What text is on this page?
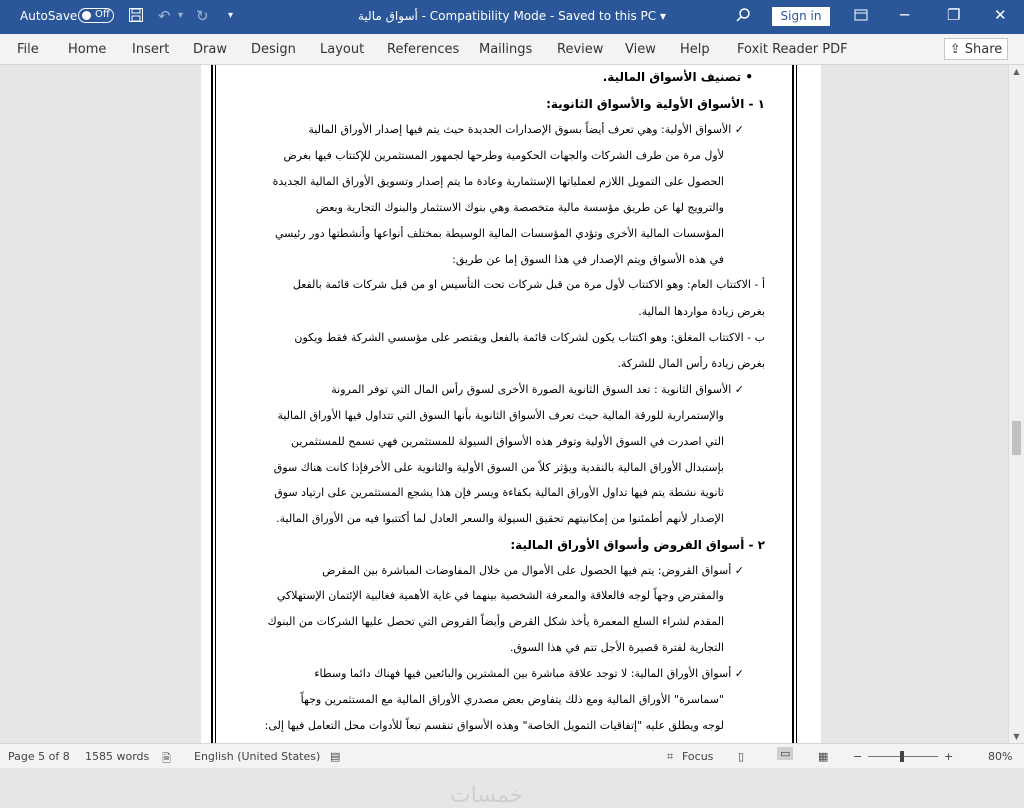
AutoSave Off	↶ ▾ ↻ ▾	أسواق مالية - Compatibility Mode - Saved to this PC ▾	Sign in	─	❐ ✕
File Home Insert Draw Design Layout References Mailings Review View Help Foxit Reader PDF	⇪ Share
• تصنيف الأسواق المالية.
١ - الأسواق الأولية والأسواق الثانوية:
✓ الأسواق الأولية: وهي تعرف أيضاً بسوق الإصدارات الجديدة حيث يتم فيها إصدار الأوراق المالية
لأول مرة من طرف الشركات والجهات الحكومية وطرحها لجمهور المستثمرين للإكتتاب فيها بغرض
الحصول على التمويل اللازم لعملياتها الإستثمارية وعادة ما يتم إصدار وتسويق الأوراق المالية الجديدة
والترويج لها عن طريق مؤسسة مالية متخصصة وهي بنوك الاستثمار والبنوك التجارية وبعض
المؤسسات المالية الأخرى وتؤدي المؤسسات المالية الوسيطة بمختلف أنواعها وأنشطتها دور رئيسي
في هذه الأسواق ويتم الإصدار في هذا السوق إما عن طريق:
أ - الاكتتاب العام: وهو الاكتتاب لأول مرة من قبل شركات تحت التأسيس او من قبل شركات قائمة بالفعل
بغرض زيادة مواردها المالية.
ب - الاكتتاب المغلق: وهو اكتتاب يكون لشركات قائمة بالفعل ويقتصر على مؤسسي الشركة فقط ويكون
بغرض زيادة رأس المال للشركة.
✓ الأسواق الثانوية : تعد السوق الثانوية الصورة الأخرى لسوق رأس المال التي توفر المرونة
والإستمرارية للورقة المالية حيث تعرف الأسواق الثانوية بأنها السوق التي تتداول فيها الأوراق المالية
التي اصدرت في السوق الأولية وتوفر هذه الأسواق السيولة للمستثمرين فهي تسمح للمستثمرين
بإستبدال الأوراق المالية بالنقدية ويؤثر كلاً من السوق الأولية والثانوية على الأخرفإذا كانت هناك سوق
ثانوية نشطة يتم فيها تداول الأوراق المالية بكفاءة ويسر فإن هذا يشجع المستثمرين على ارتياد سوق
الإصدار لأنهم أطمئنوا من إمكانيتهم تحقيق السيولة والسعر العادل لما أكتتبوا فيه من الأوراق المالية.
٢ - أسواق القروض وأسواق الأوراق المالية:
✓ أسواق القروض: يتم فيها الحصول على الأموال من خلال المفاوضات المباشرة بين المقرض
والمقترض وجهاً لوجه فالعلاقة والمعرفة الشخصية بينهما في غاية الأهمية فغالبية الإئتمان الإستهلاكي
المقدم لشراء السلع المعمرة يأخذ شكل القرض وأيضاً القروض التي تحصل عليها الشركات من البنوك
التجارية لفترة قصيرة الأجل تتم في هذا السوق.
✓ أسواق الأوراق المالية: لا توجد علاقة مباشرة بين المشترين والبائعين فيها فهناك دائما وسطاء
"سماسرة" الأوراق المالية ومع ذلك يتفاوض بعض مصدري الأوراق المالية مع المستثمرين وجهاً
لوجه ويطلق عليه "إتفاقيات التمويل الخاصة" وهذه الأسواق تنقسم تبعاً للأدوات محل التعامل فيها إلى:
خمسات
▲
▼
Page 5 of 8 1585 words 🗎 English (United States) ▤	⌗ Focus ▯	▭	▦ −	+	80%
